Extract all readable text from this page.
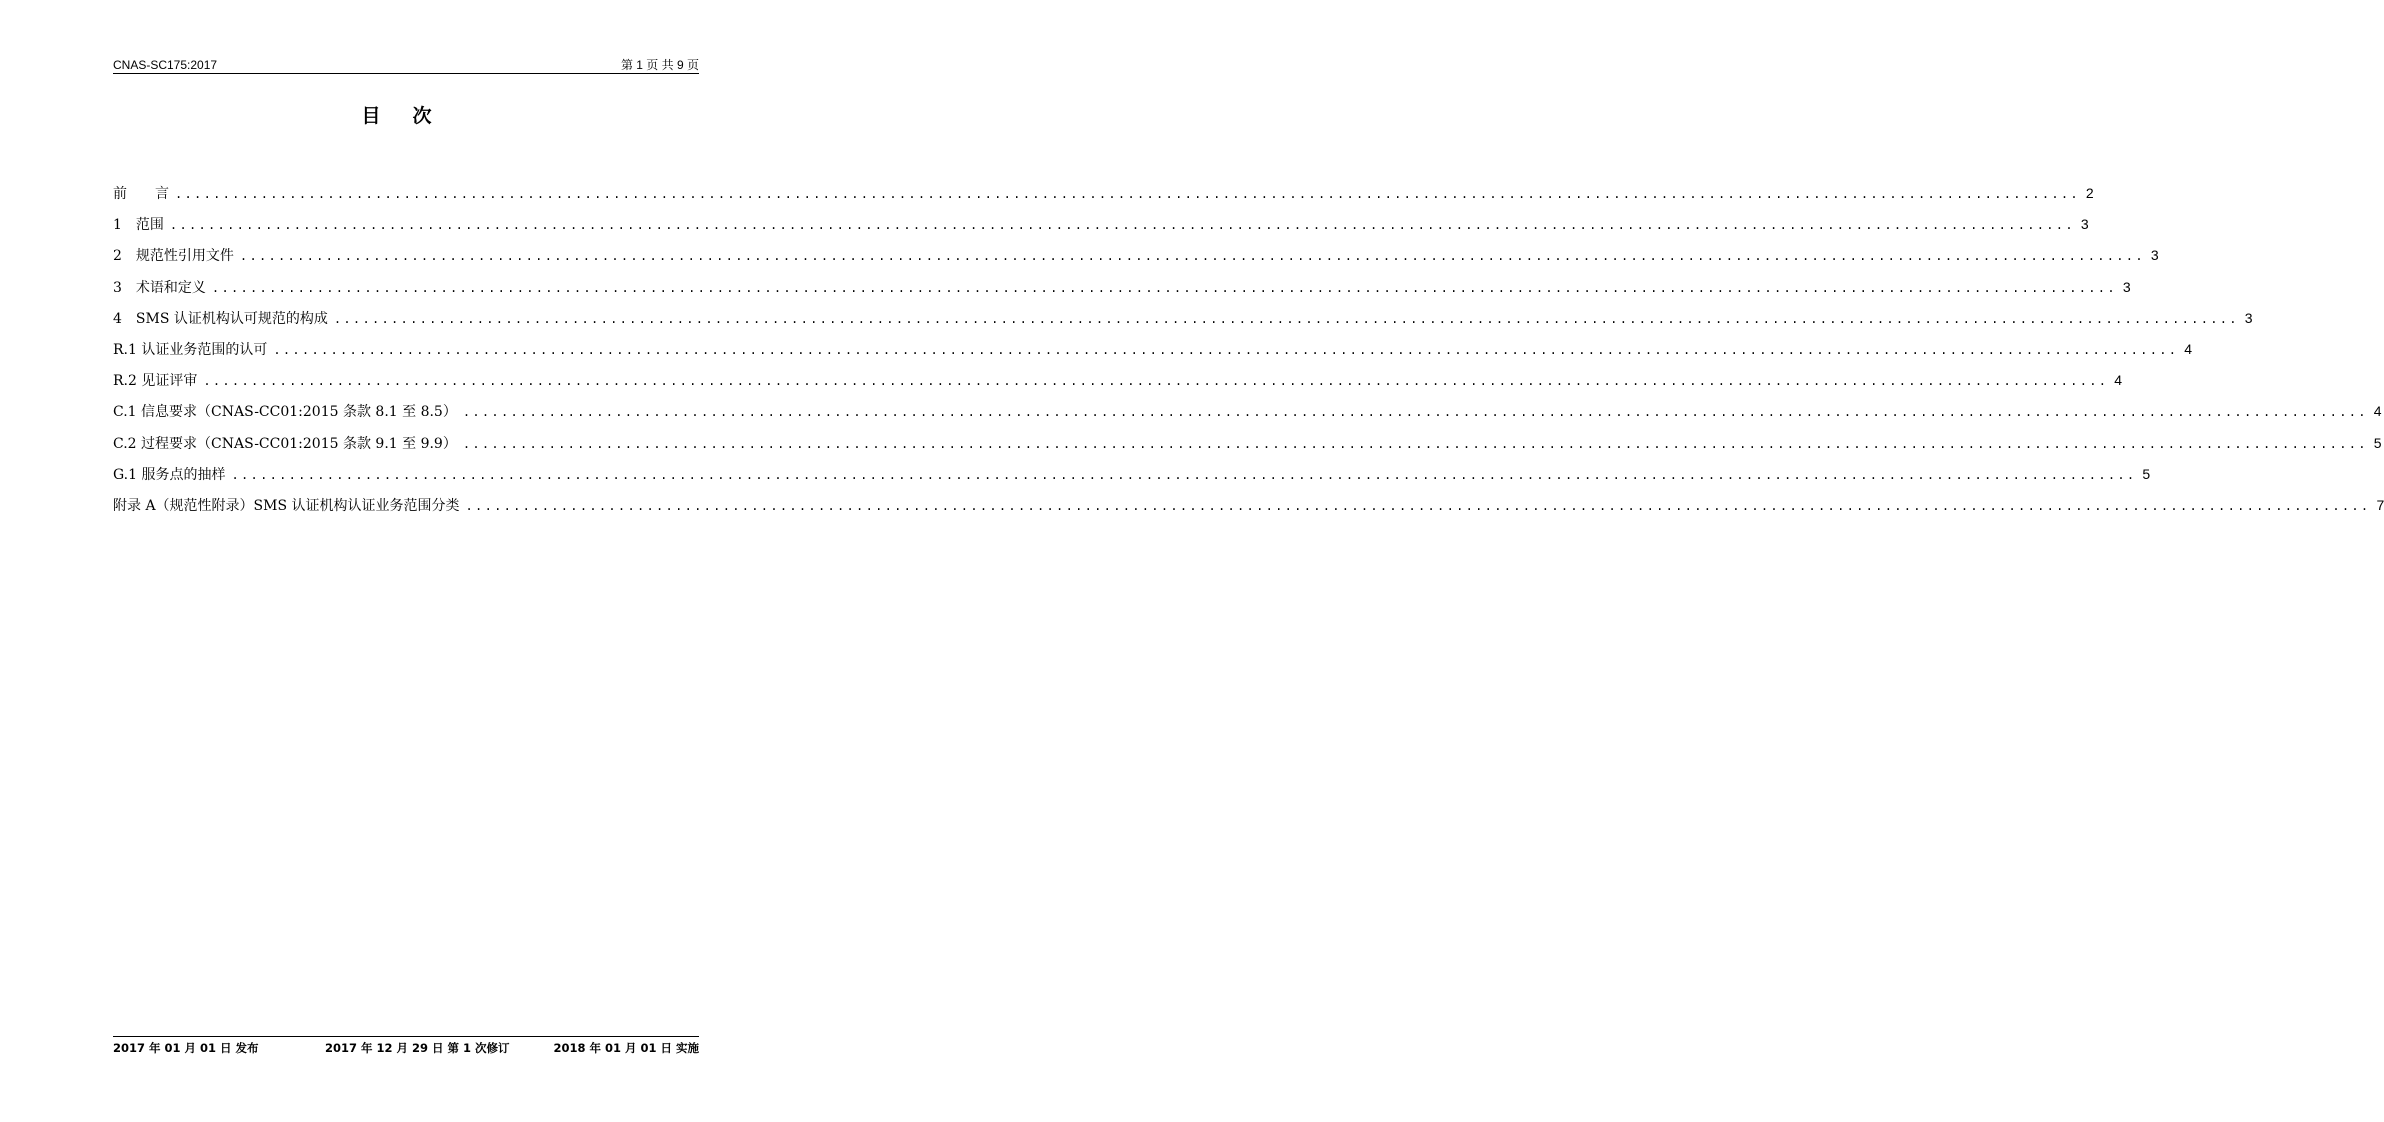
CNAS-SC175:2017	第 1 页 共 9 页
目次
前　　言 ........................................................................................................................................................................................................ 2
1　范围 ........................................................................................................................................................................................................ 3
2　规范性引用文件 ........................................................................................................................................................................................................ 3
3　术语和定义 ........................................................................................................................................................................................................ 3
4　SMS 认证机构认可规范的构成 ........................................................................................................................................................................................................ 3
R.1 认证业务范围的认可 ........................................................................................................................................................................................................ 4
R.2 见证评审 ........................................................................................................................................................................................................ 4
C.1 信息要求（CNAS-CC01:2015 条款 8.1 至 8.5） ........................................................................................................................................................................................................ 4
C.2 过程要求（CNAS-CC01:2015 条款 9.1 至 9.9） ........................................................................................................................................................................................................ 5
G.1 服务点的抽样 ........................................................................................................................................................................................................ 5
附录 A（规范性附录）SMS 认证机构认证业务范围分类 ........................................................................................................................................................................................................ 7
2017 年 01 月 01 日 发布	2017 年 12 月 29 日 第 1 次修订	2018 年 01 月 01 日 实施
